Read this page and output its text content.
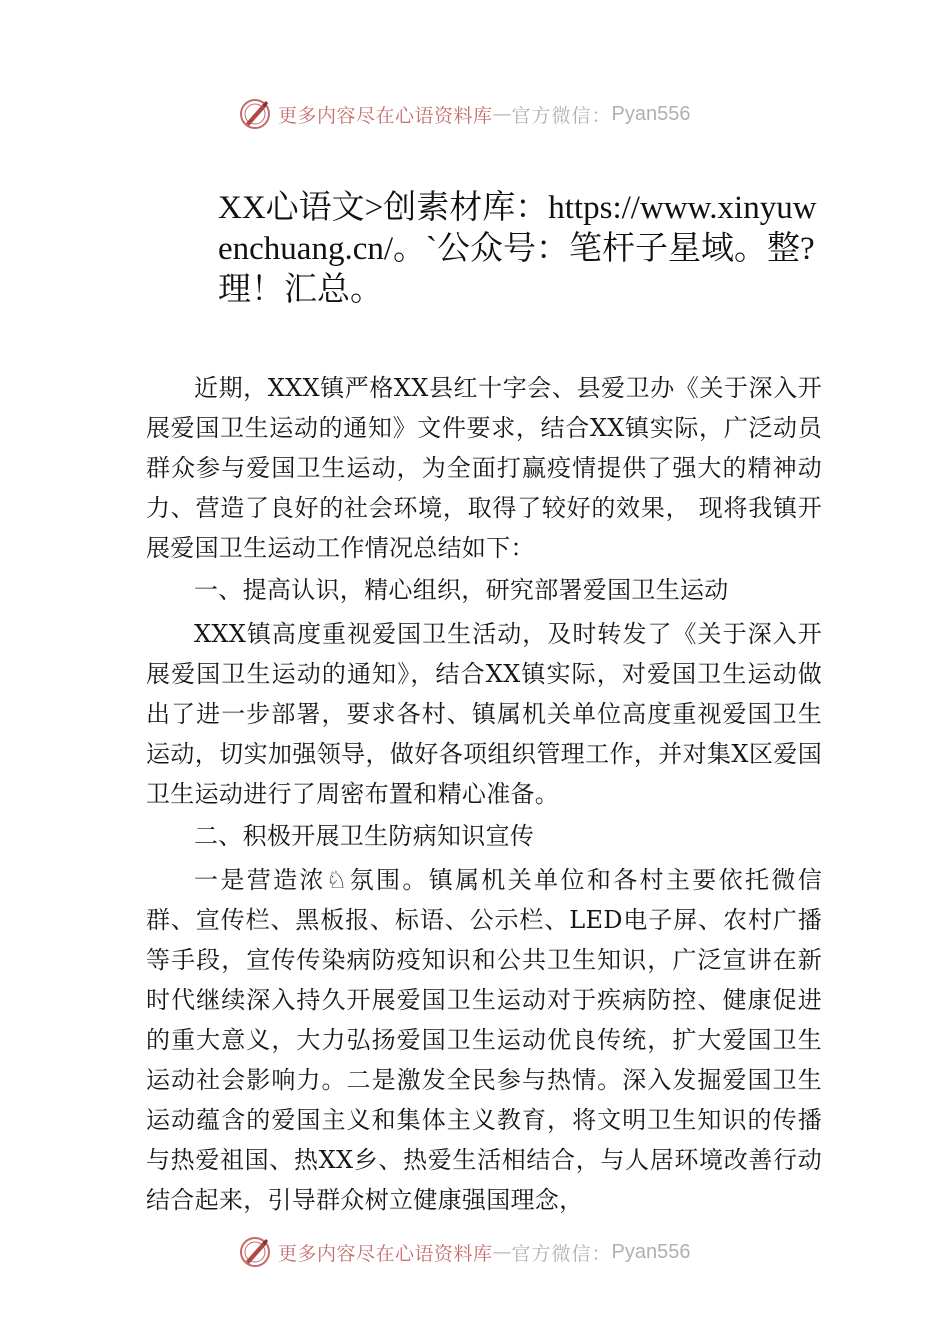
更多内容尽在心语资料库 — 官方微信： Pyan556
XX心语文>创素材库：https://www.xinyuwenchuang.cn/。`公众号：笔杆子星域。整?理！汇总。

近期，XXX镇严格XX县红十字会、县爱卫办《关于深入开展爱国卫生运动的通知》文件要求，结合XX镇实际，广泛动员群众参与爱国卫生运动，为全面打赢疫情提供了强大的精神动力、营造了良好的社会环境，取得了较好的效果， 现将我镇开展爱国卫生运动工作情况总结如下：

一、提高认识，精心组织，研究部署爱国卫生运动

XXX镇高度重视爱国卫生活动，及时转发了《关于深入开展爱国卫生运动的通知》，结合XX镇实际，对爱国卫生运动做出了进一步部署，要求各村、镇属机关单位高度重视爱国卫生运动，切实加强领导，做好各项组织管理工作，并对集X区爱国卫生运动进行了周密布置和精心准备。

二、积极开展卫生防病知识宣传

一是营造浓♘氛围。镇属机关单位和各村主要依托微信群、宣传栏、黑板报、标语、公示栏、LED电子屏、农村广播等手段，宣传传染病防疫知识和公共卫生知识，广泛宣讲在新时代继续深入持久开展爱国卫生运动对于疾病防控、健康促进的重大意义，大力弘扬爱国卫生运动优良传统，扩大爱国卫生运动社会影响力。二是激发全民参与热情。深入发掘爱国卫生运动蕴含的爱国主义和集体主义教育，将文明卫生知识的传播与热爱祖国、热XX乡、热爱生活相结合，与人居环境改善行动结合起来，引导群众树立健康强国理念，

更多内容尽在心语资料库 — 官方微信： Pyan556
